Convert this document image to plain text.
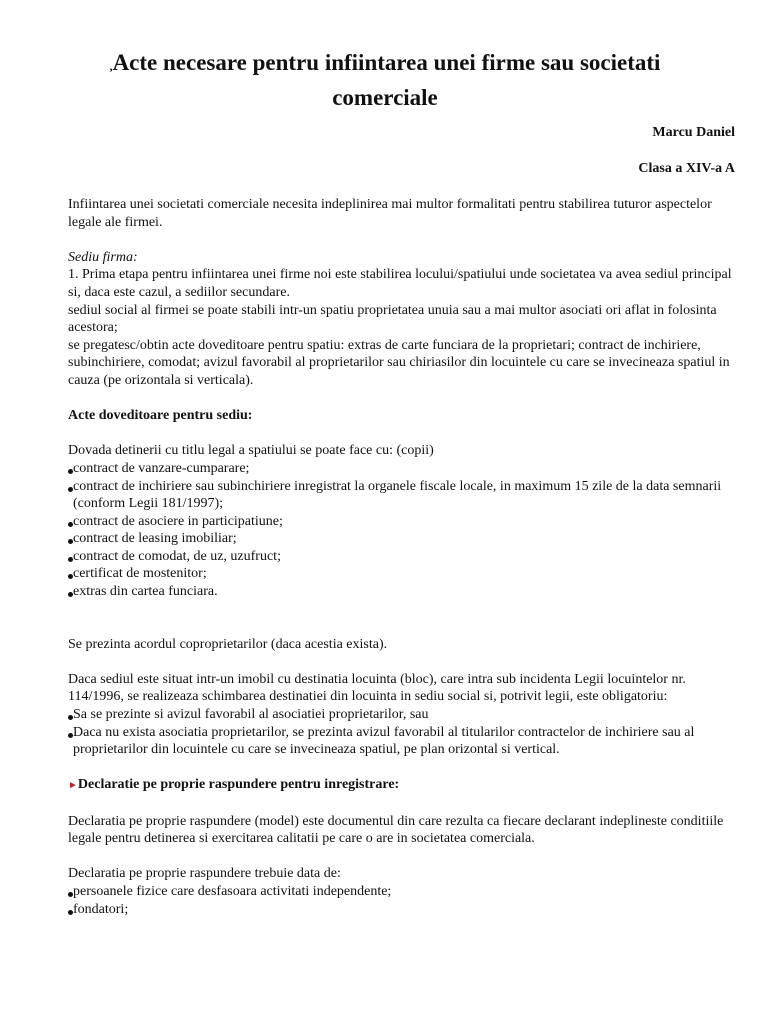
,Acte necesare pentru infiintarea unei firme sau societati comerciale
Marcu Daniel
Clasa a XIV-a A

Infiintarea unei societati comerciale necesita indeplinirea mai multor formalitati pentru stabilirea tuturor aspectelor legale ale firmei.

Sediu firma:

1. Prima etapa pentru infiintarea unei firme noi este stabilirea locului/spatiului unde societatea va avea sediul principal si, daca este cazul, a sediilor secundare.

sediul social al firmei se poate stabili intr-un spatiu proprietatea unuia sau a mai multor asociati ori aflat in folosinta acestora;

se pregatesc/obtin acte doveditoare pentru spatiu: extras de carte funciara de la proprietari; contract de inchiriere, subinchiriere, comodat; avizul favorabil al proprietarilor sau chiriasilor din locuintele cu care se invecineaza spatiul in cauza (pe orizontala si verticala).

Acte doveditoare pentru sediu:

Dovada detinerii cu titlu legal a spatiului se poate face cu: (copii)

contract de vanzare-cumparare;

contract de inchiriere sau subinchiriere inregistrat la organele fiscale locale, in maximum 15 zile de la data semnarii (conform Legii 181/1997);

contract de asociere in participatiune;

contract de leasing imobiliar;

contract de comodat, de uz, uzufruct;

certificat de mostenitor;

extras din cartea funciara.

Se prezinta acordul coproprietarilor (daca acestia exista).

Daca sediul este situat intr-un imobil cu destinatia locuinta (bloc), care intra sub incidenta Legii locuintelor nr. 114/1996, se realizeaza schimbarea destinatiei din locuinta in sediu social si, potrivit legii, este obligatoriu:

Sa se prezinte si avizul favorabil al asociatiei proprietarilor, sau

Daca nu exista asociatia proprietarilor, se prezinta avizul favorabil al titularilor contractelor de inchiriere sau al proprietarilor din locuintele cu care se invecineaza spatiul, pe plan orizontal si vertical.

►Declaratie pe proprie raspundere pentru inregistrare:

Declaratia pe proprie raspundere (model) este documentul din care rezulta ca fiecare declarant indeplineste conditiile legale pentru detinerea si exercitarea calitatii pe care o are in societatea comerciala.

Declaratia pe proprie raspundere trebuie data de:

persoanele fizice care desfasoara activitati independente;

fondatori;
